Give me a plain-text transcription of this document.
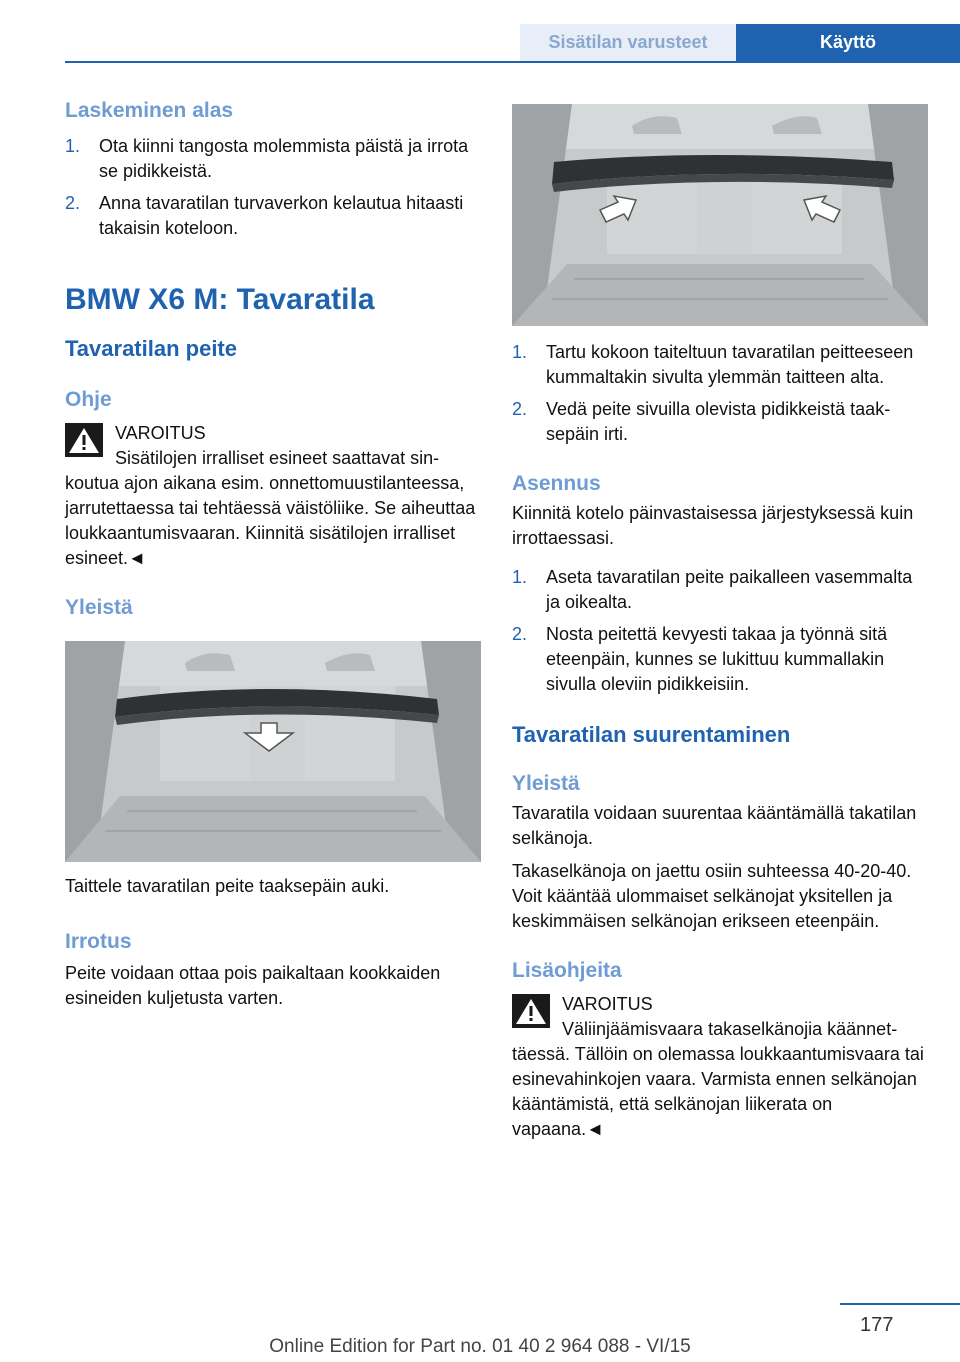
Sisätilan varusteet	Käyttö
Laskeminen alas
1. Ota kiinni tangosta molemmista päistä ja irrota se pidikkeistä.
2. Anna tavaratilan turvaverkon kelautua hitaasti takaisin koteloon.
BMW X6 M: Tavaratila
Tavaratilan peite
Ohje

VAROITUS

Sisätilojen irralliset esineet saattavat sinkoutua ajon aikana esim. onnettomuustilanteessa, jarrutettaessa tai tehtäessä väistöliike. Se aiheuttaa loukkaantumisvaaran. Kiinnitä sisätilojen irralliset esineet.◄

Yleistä

Taittele tavaratilan peite taaksepäin auki.

Irrotus

Peite voidaan ottaa pois paikaltaan kookkaiden esineiden kuljetusta varten.

1. Tartu kokoon taiteltuun tavaratilan peitteeseen kummaltakin sivulta ylemmän taitteen alta.
2. Vedä peite sivuilla olevista pidikkeistä taaksepäin irti.
Asennus

Kiinnitä kotelo päinvastaisessa järjestyksessä kuin irrottaessasi.

1. Aseta tavaratilan peite paikalleen vasemmalta ja oikealta.
2. Nosta peitettä kevyesti takaa ja työnnä sitä eteenpäin, kunnes se lukittuu kummallakin sivulla oleviin pidikkeisiin.
Tavaratilan suurentaminen
Yleistä

Tavaratila voidaan suurentaa kääntämällä takatilan selkänoja.

Takaselkänoja on jaettu osiin suhteessa 40-20-40. Voit kääntää ulommaiset selkänojat yksitellen ja keskimmäisen selkänojan erikseen eteenpäin.

Lisäohjeita

VAROITUS

Väliinjäämisvaara takaselkänojia käännettäessä. Tällöin on olemassa loukkaantumisvaara tai esinevahinkojen vaara. Varmista ennen selkänojan kääntämistä, että selkänojan liikerata on vapaana.◄

177
Online Edition for Part no. 01 40 2 964 088 - VI/15
